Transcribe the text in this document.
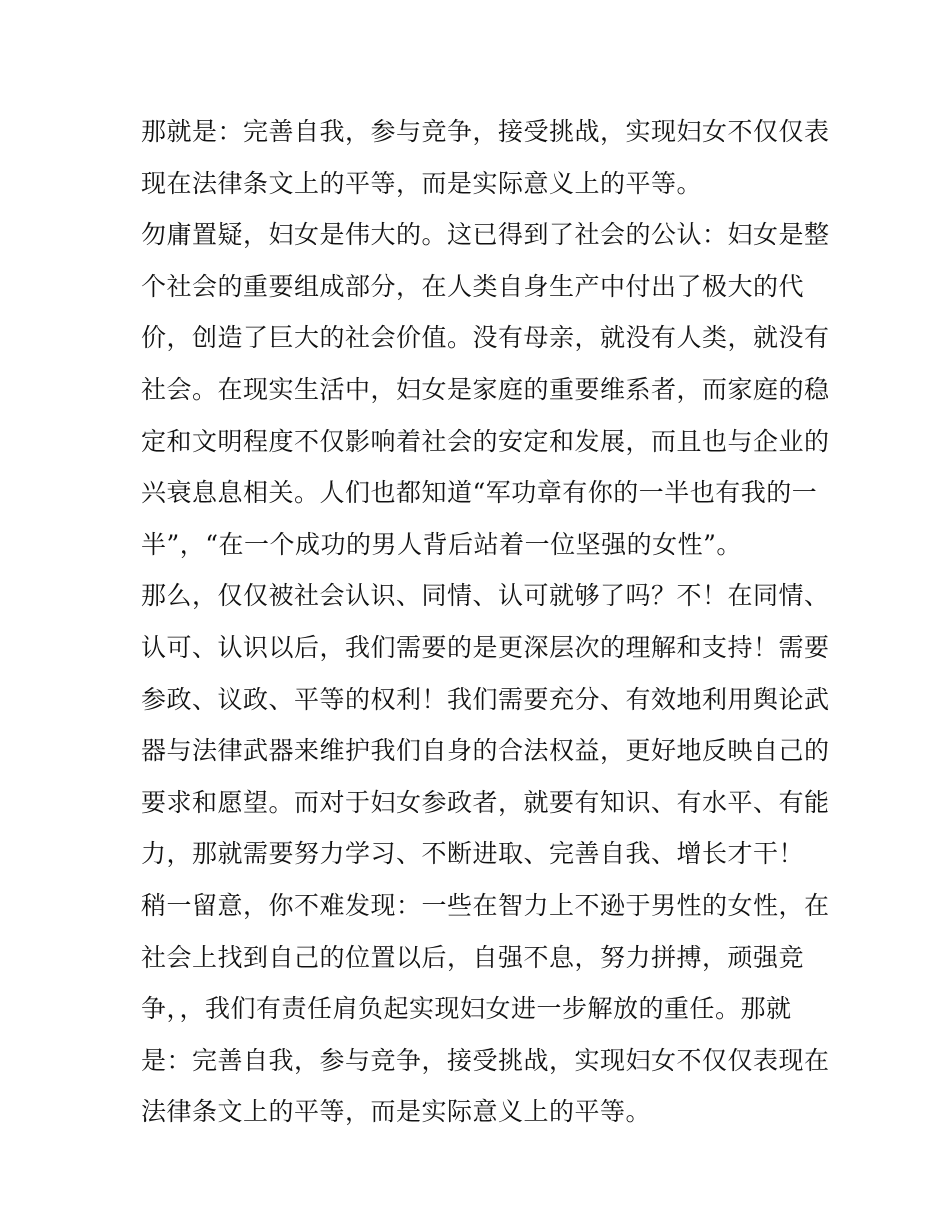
那就是：完善自我，参与竞争，接受挑战，实现妇女不仅仅表
现在法律条文上的平等，而是实际意义上的平等。
勿庸置疑，妇女是伟大的。这已得到了社会的公认：妇女是整
个社会的重要组成部分，在人类自身生产中付出了极大的代
价，创造了巨大的社会价值。没有母亲，就没有人类，就没有
社会。在现实生活中，妇女是家庭的重要维系者，而家庭的稳
定和文明程度不仅影响着社会的安定和发展，而且也与企业的
兴衰息息相关。人们也都知道“军功章有你的一半也有我的一
半”，“在一个成功的男人背后站着一位坚强的女性”。
那么，仅仅被社会认识、同情、认可就够了吗？不！在同情、
认可、认识以后，我们需要的是更深层次的理解和支持！需要
参政、议政、平等的权利！我们需要充分、有效地利用舆论武
器与法律武器来维护我们自身的合法权益，更好地反映自己的
要求和愿望。而对于妇女参政者，就要有知识、有水平、有能
力，那就需要努力学习、不断进取、完善自我、增长才干！
稍一留意，你不难发现：一些在智力上不逊于男性的女性，在
社会上找到自己的位置以后，自强不息，努力拼搏，顽强竞
争，，我们有责任肩负起实现妇女进一步解放的重任。那就
是：完善自我，参与竞争，接受挑战，实现妇女不仅仅表现在
法律条文上的平等，而是实际意义上的平等。
